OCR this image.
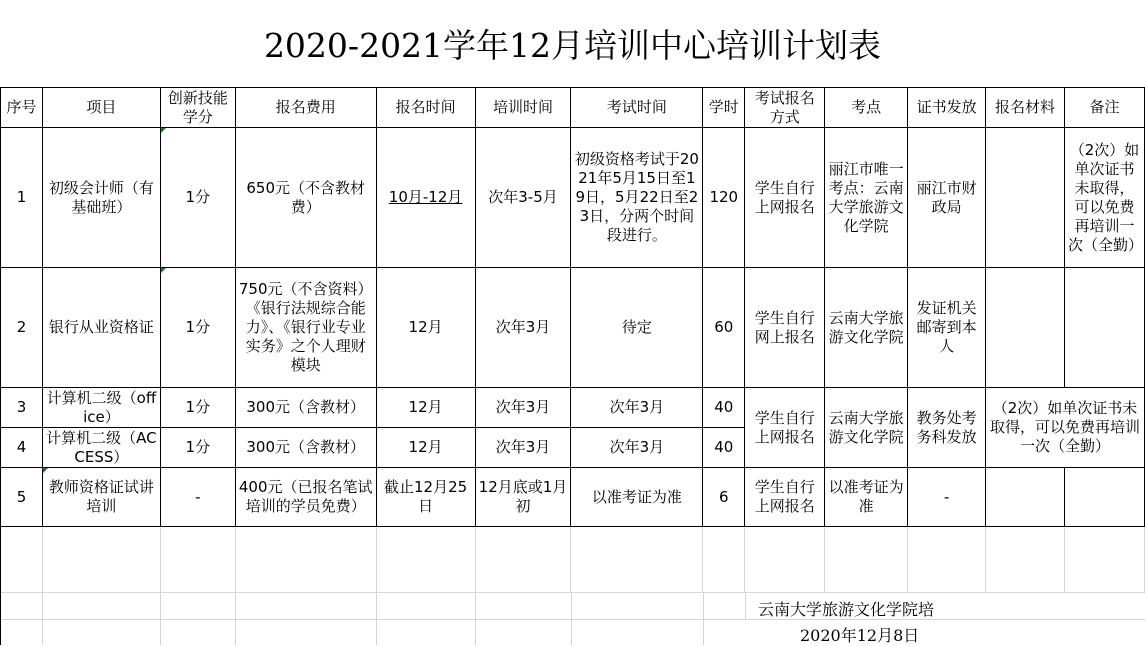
2020-2021学年12月培训中心培训计划表
序号	项目	创新技能学分	报名费用	报名时间	培训时间	考试时间	学时	考试报名方式	考点	证书发放	报名材料	备注
1	初级会计师（有基础班）	1分	650元（不含教材费）	10月-12月	次年3-5月	初级资格考试于2021年5月15日至19日，5月22日至23日，分两个时间段进行。	120	学生自行上网报名	丽江市唯一考点：云南大学旅游文化学院	丽江市财政局		（2次）如单次证书未取得，可以免费再培训一次（全勤）
2	银行从业资格证	1分	750元（不含资料）《银行法规综合能力》、《银行业专业实务》之个人理财模块	12月	次年3月	待定	60	学生自行网上报名	云南大学旅游文化学院	发证机关邮寄到本人		
3	计算机二级（office）	1分	300元（含教材）	12月	次年3月	次年3月	40	学生自行上网报名	云南大学旅游文化学院	教务处考务科发放	（2次）如单次证书未取得，可以免费再培训一次（全勤）	
4	计算机二级（ACCESS）	1分	300元（含教材）	12月	次年3月	次年3月	40					
5	教师资格证试讲培训	-	400元（已报名笔试培训的学员免费）	截止12月25日	12月底或1月初	以准考证为准	6	学生自行上网报名	以准考证为准	-		

云南大学旅游文化学院培
2020年12月8日
